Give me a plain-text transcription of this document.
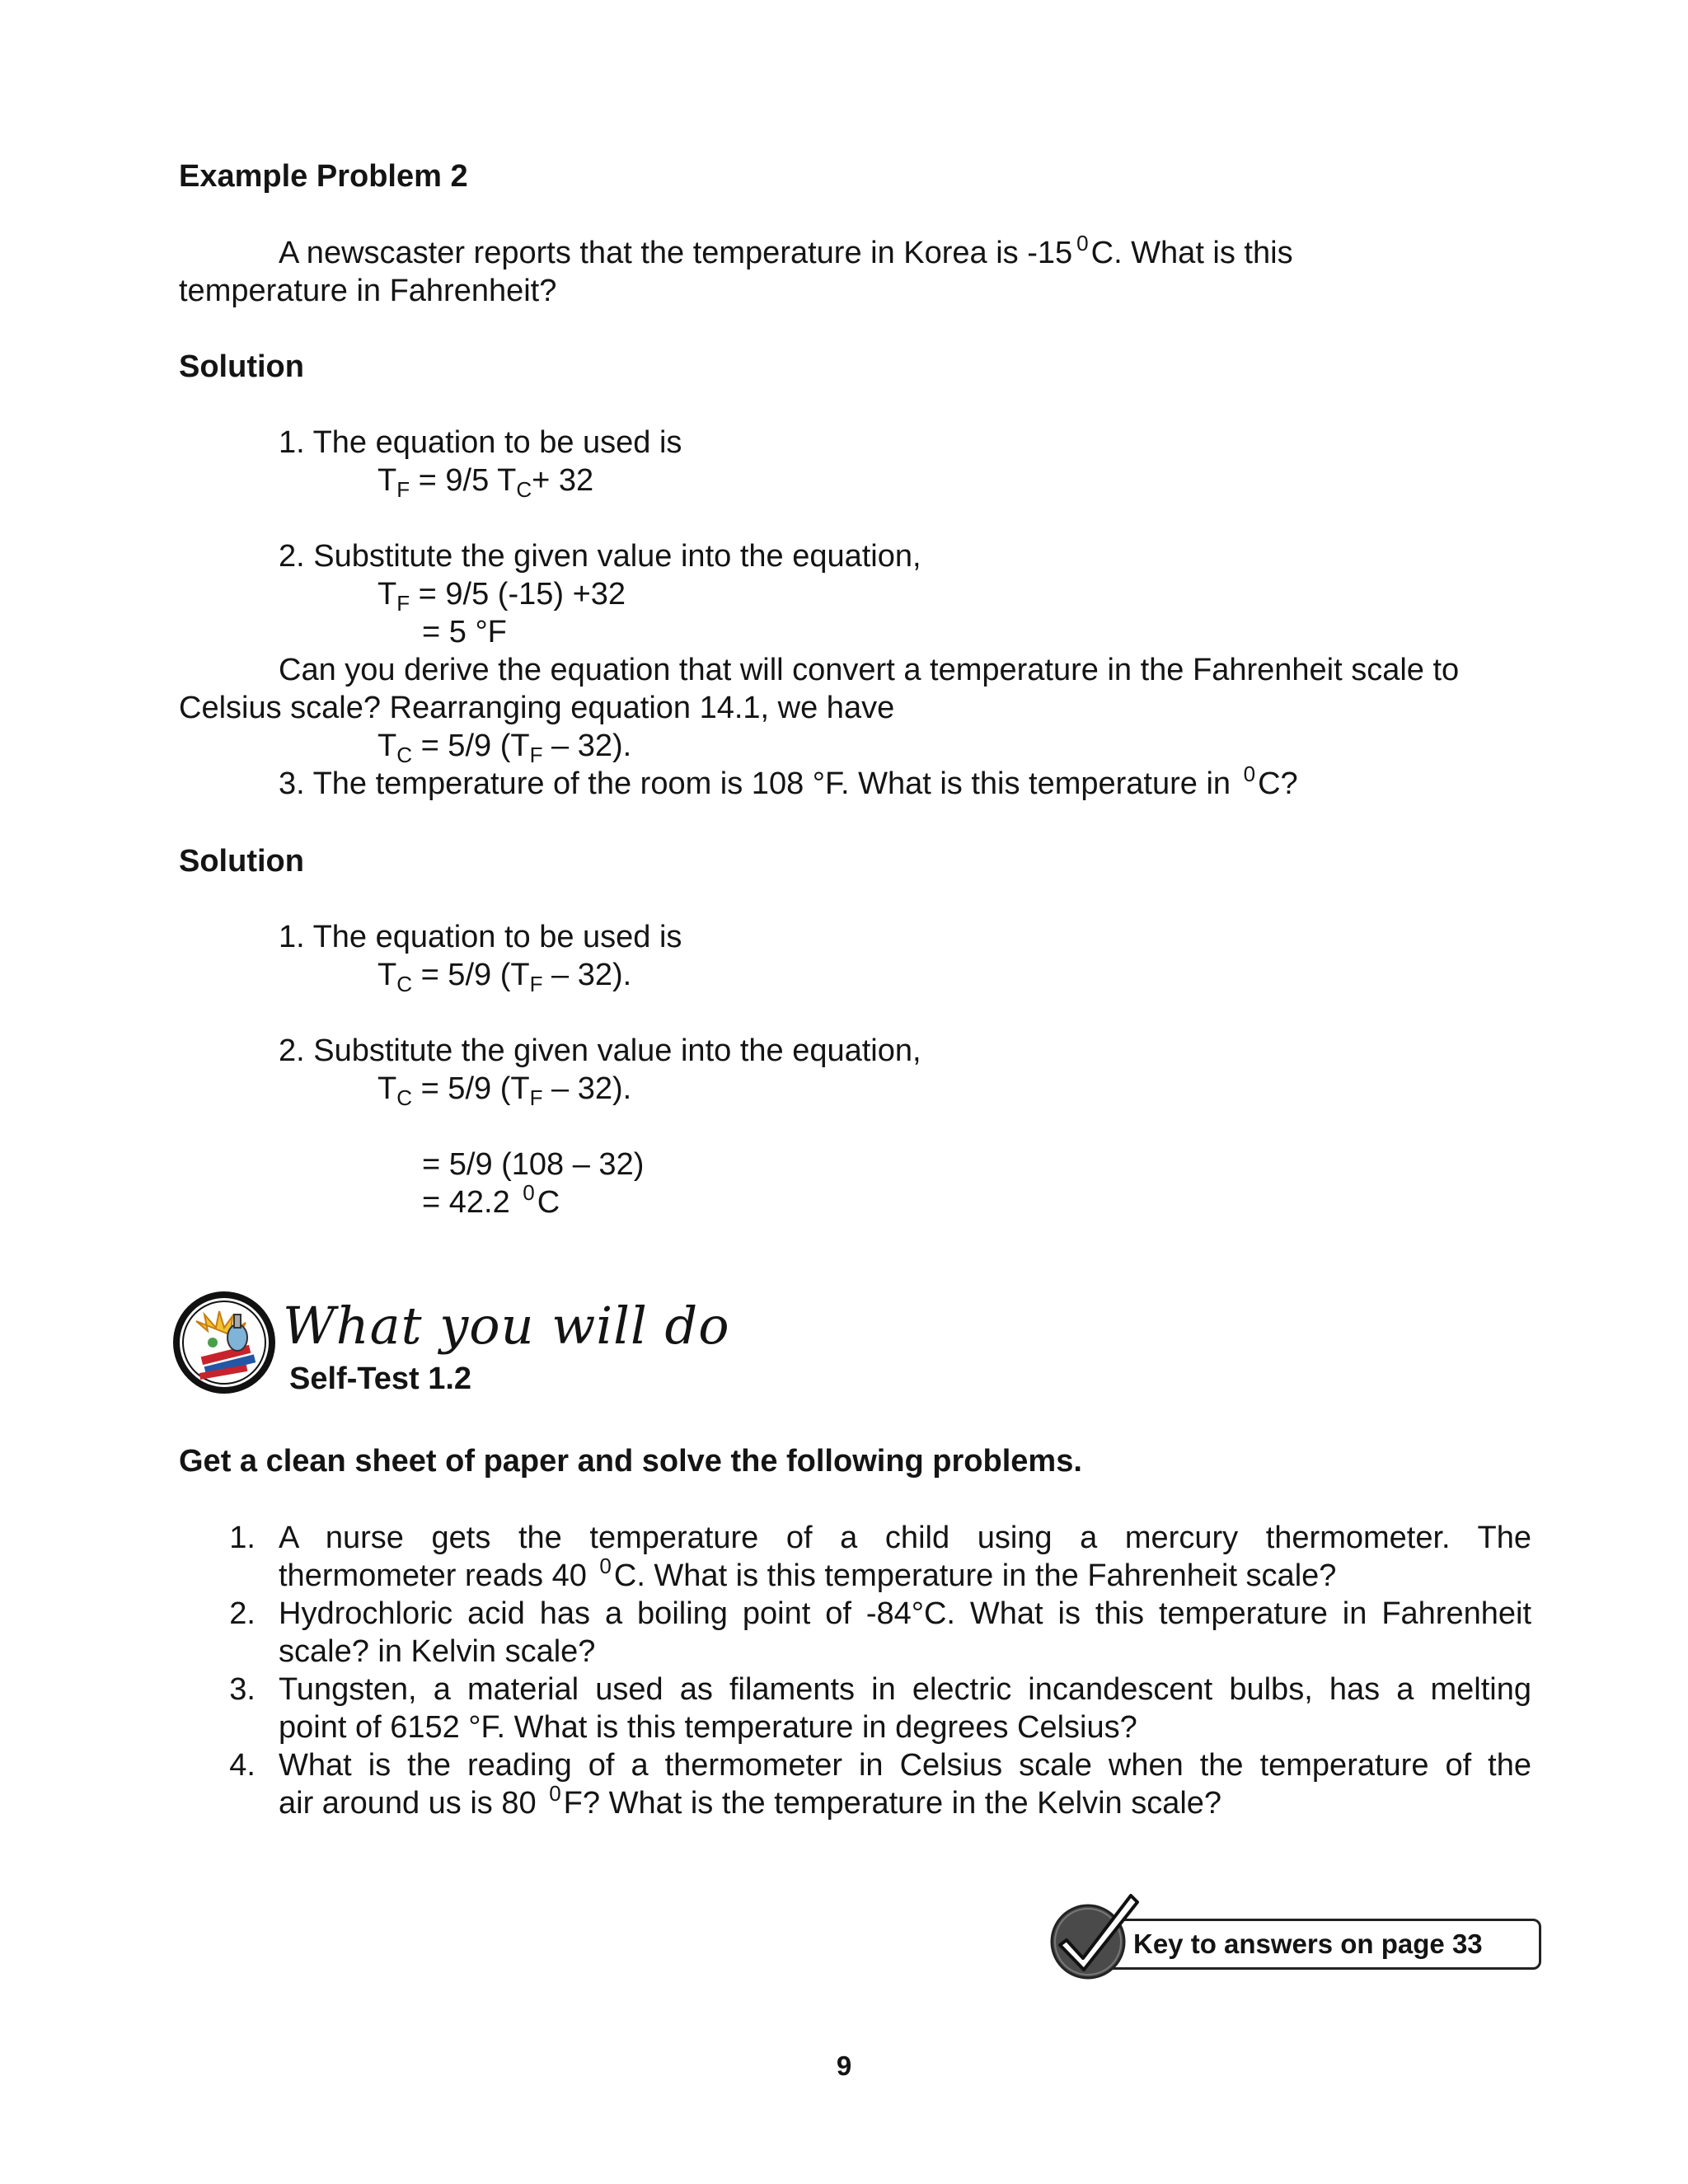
Example Problem 2
A newscaster reports that the temperature in Korea is -15 $^0$C. What is this
temperature in Fahrenheit?
Solution
1. The equation to be used is
$T_F = 9/5$ $T_C+ 32$
2. Substitute the given value into the equation,
$T_F = 9/5$ (-15) +32
= 5 °F
Can you derive the equation that will convert a temperature in the Fahrenheit scale to
Celsius scale? Rearranging equation 14.1, we have
$T_C = 5/9$ $(T_F - 32)$.
3. The temperature of the room is 108 °F. What is this temperature in $^0$C?
Solution
1. The equation to be used is
$T_C = 5/9$ $(T_F - 32)$.
2. Substitute the given value into the equation,
$T_C = 5/9$ $(T_F - 32)$.
= 5/9 (108 – 32)
= 42.2 $^0$C
What you will do
Self-Test 1.2
Get a clean sheet of paper and solve the following problems.
1. A nurse gets the temperature of a child using a mercury thermometer. The
thermometer reads 40 $^0$C. What is this temperature in the Fahrenheit scale?
2. Hydrochloric acid has a boiling point of -84°C. What is this temperature in Fahrenheit
scale? in Kelvin scale?
3. Tungsten, a material used as filaments in electric incandescent bulbs, has a melting
point of 6152 °F. What is this temperature in degrees Celsius?
4. What is the reading of a thermometer in Celsius scale when the temperature of the
air around us is 80 $^0$F? What is the temperature in the Kelvin scale?
Key to answers on page 33
9
